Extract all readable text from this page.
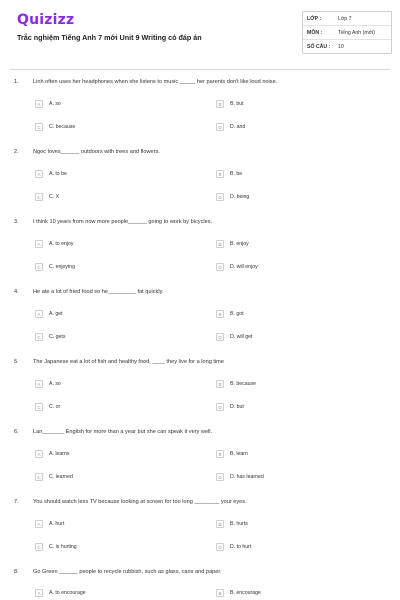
Quizizz
Trắc nghiệm Tiếng Anh 7 mới Unit 9 Writing có đáp án
LỚP :	Lớp 7
MÔN :	Tiếng Anh (mới)
SỐ CÂU :	10
1.	Linh often uses her headphones when she listens to music _____ her parents don't like loud noise.
A	A. so	B	B. but
C	C. because	D	D. and
2.	Ngoc loves______ outdoors with trees and flowers.
A	A. to be	B	B. be
C	C. X	D	D. being
3.	I think 10 years from now more people______ going to work by bicycles.
A	A. to enjoy	B	B. enjoy
C	C. enjoying	D	D. will enjoy
4.	He ate a lot of fried food so he_________ fat quickly.
A	A. get	B	B. got
C	C. gets	D	D. will get
5.	The Japanese eat a lot of fish and healthy food, ____ they live for a long time
A	A. so	B	B. because
C	C. or	D	D. but
6.	Lan_______ English for more than a year but she can speak it very well.
A	A. learns	B	B. learn
C	C. learned	D	D. has learned
7.	You should watch less TV because looking at screen for too long ________ your eyes.
A	A. hurt	B	B. hurts
C	C. is hurting	D	D. to hurt
8.	Go Green ______ people to recycle rubbish, such as glass, cans and paper.
A	A. to encourage	B	B. encourage
